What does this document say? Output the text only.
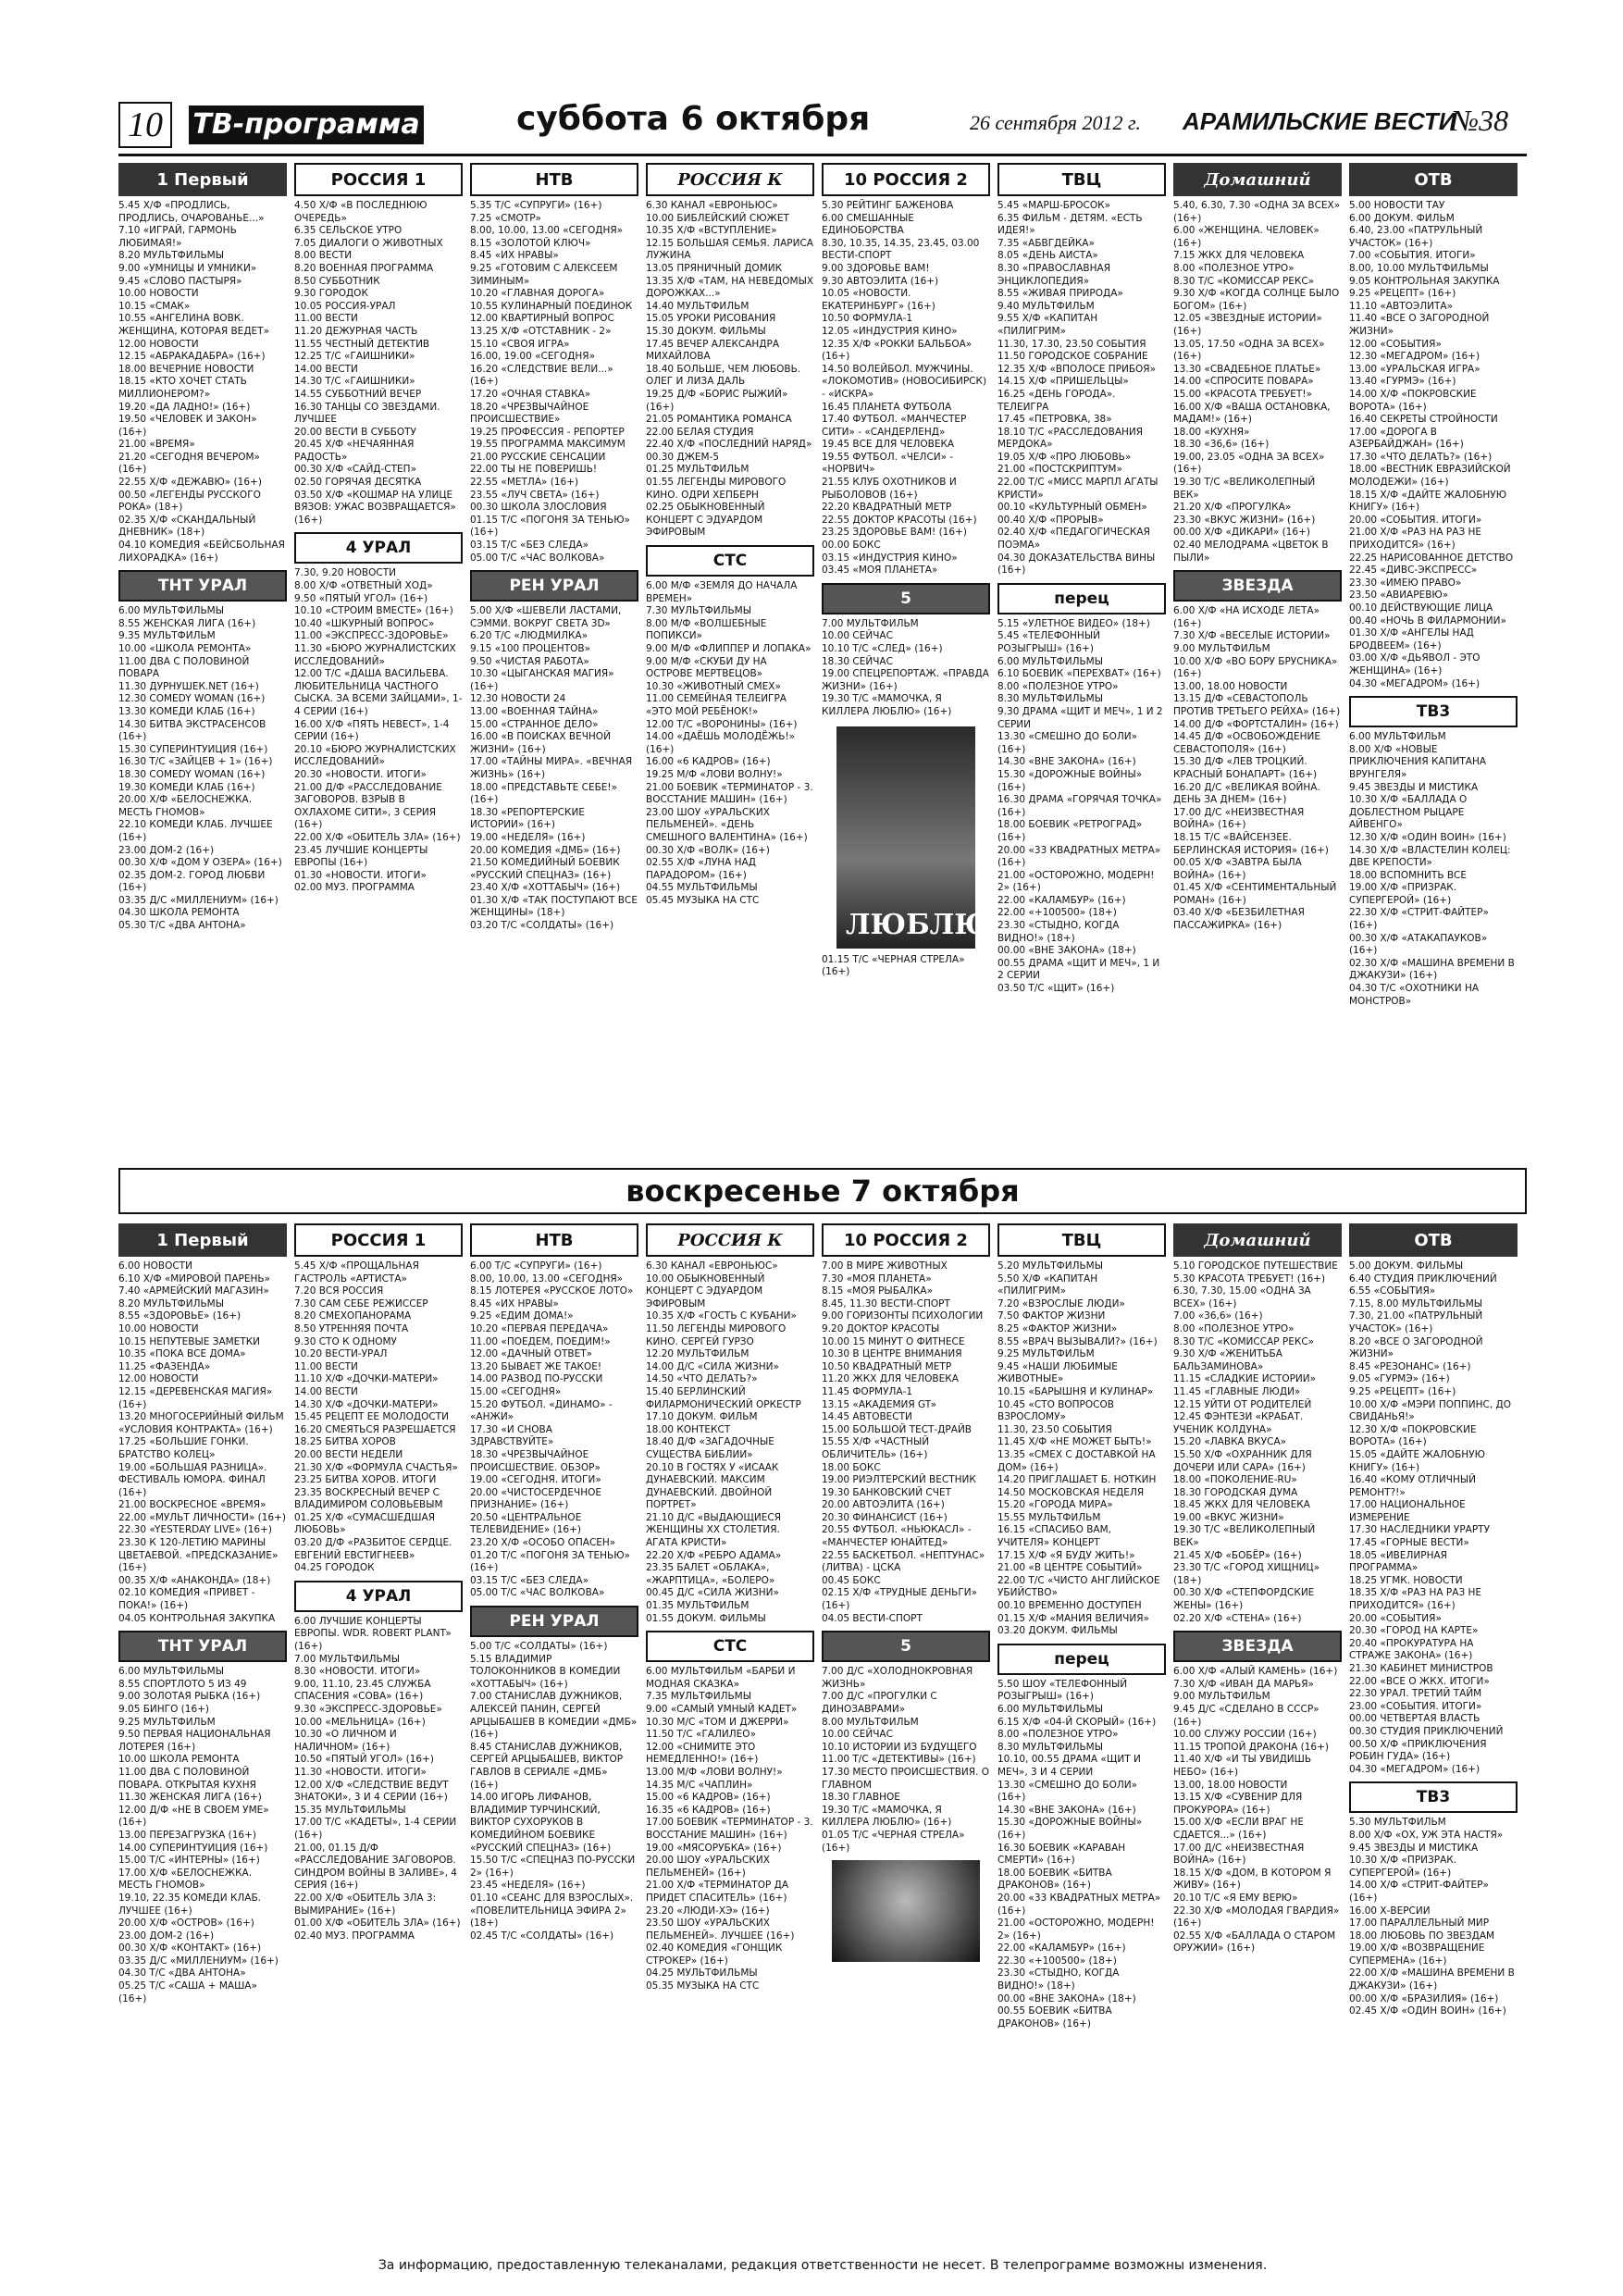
10	ТВ-программа	суббота 6 октября	26 сентября 2012 г. АРАМИЛЬСКИЕ ВЕСТИ
№38
1 Первый
5.45 Х/Ф «ПРОДЛИСЬ, ПРОДЛИСЬ, ОЧАРОВАНЬЕ...»
7.10 «ИГРАЙ, ГАРМОНЬ ЛЮБИМАЯ!»
8.20 МУЛЬТФИЛЬМЫ
9.00 «УМНИЦЫ И УМНИКИ»
9.45 «СЛОВО ПАСТЫРЯ»
10.00 НОВОСТИ
10.15 «СМАК»
10.55 «АНГЕЛИНА ВОВК. ЖЕНЩИНА, КОТОРАЯ ВЕДЕТ»
12.00 НОВОСТИ
12.15 «АБРАКАДАБРА» (16+)
18.00 ВЕЧЕРНИЕ НОВОСТИ
18.15 «КТО ХОЧЕТ СТАТЬ МИЛЛИОНЕРОМ?»
19.20 «ДА ЛАДНО!» (16+)
19.50 «ЧЕЛОВЕК И ЗАКОН» (16+)
21.00 «ВРЕМЯ»
21.20 «СЕГОДНЯ ВЕЧЕРОМ» (16+)
22.55 Х/Ф «ДЕЖАВЮ» (16+)
00.50 «ЛЕГЕНДЫ РУССКОГО РОКА» (18+)
02.35 Х/Ф «СКАНДАЛЬНЫЙ ДНЕВНИК» (18+)
04.10 КОМЕДИЯ «БЕЙСБОЛЬНАЯ ЛИХОРАДКА» (16+)
ТНТ УРАЛ
6.00 МУЛЬТФИЛЬМЫ
8.55 ЖЕНСКАЯ ЛИГА (16+)
9.35 МУЛЬТФИЛЬМ
10.00 «ШКОЛА РЕМОНТА»
11.00 ДВА С ПОЛОВИНОЙ ПОВАРА
11.30 ДУРНУШЕК.NET (16+)
12.30 COMEDY WOMAN (16+)
13.30 КОМЕДИ КЛАБ (16+)
14.30 БИТВА ЭКСТРАСЕНСОВ (16+)
15.30 СУПЕРИНТУИЦИЯ (16+)
16.30 Т/С «ЗАЙЦЕВ + 1» (16+)
18.30 COMEDY WOMAN (16+)
19.30 КОМЕДИ КЛАБ (16+)
20.00 Х/Ф «БЕЛОСНЕЖКА. МЕСТЬ ГНОМОВ»
22.10 КОМЕДИ КЛАБ. ЛУЧШЕЕ (16+)
23.00 ДОМ-2 (16+)
00.30 Х/Ф «ДОМ У ОЗЕРА» (16+)
02.35 ДОМ-2. ГОРОД ЛЮБВИ (16+)
03.35 Д/С «МИЛЛЕНИУМ» (16+)
04.30 ШКОЛА РЕМОНТА
05.30 Т/С «ДВА АНТОНА»
РОССИЯ 1
4.50 Х/Ф «В ПОСЛЕДНЮЮ ОЧЕРЕДЬ»
6.35 СЕЛЬСКОЕ УТРО
7.05 ДИАЛОГИ О ЖИВОТНЫХ
8.00 ВЕСТИ
8.20 ВОЕННАЯ ПРОГРАММА
8.50 СУББОТНИК
9.30 ГОРОДОК
10.05 РОССИЯ-УРАЛ
11.00 ВЕСТИ
11.20 ДЕЖУРНАЯ ЧАСТЬ
11.55 ЧЕСТНЫЙ ДЕТЕКТИВ
12.25 Т/С «ГАИШНИКИ»
14.00 ВЕСТИ
14.30 Т/С «ГАИШНИКИ»
14.55 СУББОТНИЙ ВЕЧЕР
16.30 ТАНЦЫ СО ЗВЕЗДАМИ. ЛУЧШЕЕ
20.00 ВЕСТИ В СУББОТУ
20.45 Х/Ф «НЕЧАЯННАЯ РАДОСТЬ»
00.30 Х/Ф «САЙД-СТЕП»
02.50 ГОРЯЧАЯ ДЕСЯТКА
03.50 Х/Ф «КОШМАР НА УЛИЦЕ ВЯЗОВ: УЖАС ВОЗВРАЩАЕТСЯ» (16+)
4 УРАЛ
7.30, 9.20 НОВОСТИ
8.00 Х/Ф «ОТВЕТНЫЙ ХОД»
9.50 «ПЯТЫЙ УГОЛ» (16+)
10.10 «СТРОИМ ВМЕСТЕ» (16+)
10.40 «ШКУРНЫЙ ВОПРОС»
11.00 «ЭКСПРЕСС-ЗДОРОВЬЕ»
11.30 «БЮРО ЖУРНАЛИСТСКИХ ИССЛЕДОВАНИЙ»
12.00 Т/С «ДАША ВАСИЛЬЕВА. ЛЮБИТЕЛЬНИЦА ЧАСТНОГО СЫСКА. ЗА ВСЕМИ ЗАЙЦАМИ», 1-4 СЕРИИ (16+)
16.00 Х/Ф «ПЯТЬ НЕВЕСТ», 1-4 СЕРИИ (16+)
20.10 «БЮРО ЖУРНАЛИСТСКИХ ИССЛЕДОВАНИЙ»
20.30 «НОВОСТИ. ИТОГИ»
21.00 Д/Ф «РАССЛЕДОВАНИЕ ЗАГОВОРОВ. ВЗРЫВ В ОХЛАХОМЕ СИТИ», 3 СЕРИЯ (16+)
22.00 Х/Ф «ОБИТЕЛЬ ЗЛА» (16+)
23.45 ЛУЧШИЕ КОНЦЕРТЫ ЕВРОПЫ (16+)
01.30 «НОВОСТИ. ИТОГИ»
02.00 МУЗ. ПРОГРАММА
НТВ
5.35 Т/С «СУПРУГИ» (16+)
7.25 «СМОТР»
8.00, 10.00, 13.00 «СЕГОДНЯ»
8.15 «ЗОЛОТОЙ КЛЮЧ»
8.45 «ИХ НРАВЫ»
9.25 «ГОТОВИМ С АЛЕКСЕЕМ ЗИМИНЫМ»
10.20 «ГЛАВНАЯ ДОРОГА»
10.55 КУЛИНАРНЫЙ ПОЕДИНОК
12.00 КВАРТИРНЫЙ ВОПРОС
13.25 Х/Ф «ОТСТАВНИК - 2»
15.10 «СВОЯ ИГРА»
16.00, 19.00 «СЕГОДНЯ»
16.20 «СЛЕДСТВИЕ ВЕЛИ...» (16+)
17.20 «ОЧНАЯ СТАВКА»
18.20 «ЧРЕЗВЫЧАЙНОЕ ПРОИСШЕСТВИЕ»
19.25 ПРОФЕССИЯ - РЕПОРТЕР
19.55 ПРОГРАММА МАКСИМУМ
21.00 РУССКИЕ СЕНСАЦИИ
22.00 ТЫ НЕ ПОВЕРИШЬ!
22.55 «МЕТЛА» (16+)
23.55 «ЛУЧ СВЕТА» (16+)
00.30 ШКОЛА ЗЛОСЛОВИЯ
01.15 Т/С «ПОГОНЯ ЗА ТЕНЬЮ» (16+)
03.15 Т/С «БЕЗ СЛЕДА»
05.00 Т/С «ЧАС ВОЛКОВА»
РЕН УРАЛ
5.00 Х/Ф «ШЕВЕЛИ ЛАСТАМИ, СЭММИ. ВОКРУГ СВЕТА 3D»
6.20 Т/С «ЛЮДМИЛКА»
9.15 «100 ПРОЦЕНТОВ»
9.50 «ЧИСТАЯ РАБОТА»
10.30 «ЦЫГАНСКАЯ МАГИЯ» (16+)
12.30 НОВОСТИ 24
13.00 «ВОЕННАЯ ТАЙНА»
15.00 «СТРАННОЕ ДЕЛО»
16.00 «В ПОИСКАХ ВЕЧНОЙ ЖИЗНИ» (16+)
17.00 «ТАЙНЫ МИРА». «ВЕЧНАЯ ЖИЗНЬ» (16+)
18.00 «ПРЕДСТАВЬТЕ СЕБЕ!» (16+)
18.30 «РЕПОРТЕРСКИЕ ИСТОРИИ» (16+)
19.00 «НЕДЕЛЯ» (16+)
20.00 КОМЕДИЯ «ДМБ» (16+)
21.50 КОМЕДИЙНЫЙ БОЕВИК «РУССКИЙ СПЕЦНАЗ» (16+)
23.40 Х/Ф «ХОТТАБЫЧ» (16+)
01.30 Х/Ф «ТАК ПОСТУПАЮТ ВСЕ ЖЕНЩИНЫ» (18+)
03.20 Т/С «СОЛДАТЫ» (16+)
РОССИЯ К
6.30 КАНАЛ «ЕВРОНЬЮС»
10.00 БИБЛЕЙСКИЙ СЮЖЕТ
10.35 Х/Ф «ВСТУПЛЕНИЕ»
12.15 БОЛЬШАЯ СЕМЬЯ. ЛАРИСА ЛУЖИНА
13.05 ПРЯНИЧНЫЙ ДОМИК
13.35 Х/Ф «ТАМ, НА НЕВЕДОМЫХ ДОРОЖКАХ...»
14.40 МУЛЬТФИЛЬМ
15.05 УРОКИ РИСОВАНИЯ
15.30 ДОКУМ. ФИЛЬМЫ
17.45 ВЕЧЕР АЛЕКСАНДРА МИХАЙЛОВА
18.40 БОЛЬШЕ, ЧЕМ ЛЮБОВЬ. ОЛЕГ И ЛИЗА ДАЛЬ
19.25 Д/Ф «БОРИС РЫЖИЙ» (16+)
21.05 РОМАНТИКА РОМАНСА
22.00 БЕЛАЯ СТУДИЯ
22.40 Х/Ф «ПОСЛЕДНИЙ НАРЯД»
00.30 ДЖЕМ-5
01.25 МУЛЬТФИЛЬМ
01.55 ЛЕГЕНДЫ МИРОВОГО КИНО. ОДРИ ХЕПБЕРН
02.25 ОБЫКНОВЕННЫЙ КОНЦЕРТ С ЭДУАРДОМ ЭФИРОВЫМ
СТС
6.00 М/Ф «ЗЕМЛЯ ДО НАЧАЛА ВРЕМЕН»
7.30 МУЛЬТФИЛЬМЫ
8.00 М/Ф «ВОЛШЕБНЫЕ ПОПИКСИ»
9.00 М/Ф «ФЛИППЕР И ЛОПАКА»
9.00 М/Ф «СКУБИ ДУ НА ОСТРОВЕ МЕРТВЕЦОВ»
10.30 «ЖИВОТНЫЙ СМЕХ»
11.00 СЕМЕЙНАЯ ТЕЛЕИГРА «ЭТО МОЙ РЕБЁНОК!»
12.00 Т/С «ВОРОНИНЫ» (16+)
14.00 «ДАЁШЬ МОЛОДЁЖЬ!» (16+)
16.00 «6 КАДРОВ» (16+)
19.25 М/Ф «ЛОВИ ВОЛНУ!»
21.00 БОЕВИК «ТЕРМИНАТОР - 3. ВОССТАНИЕ МАШИН» (16+)
23.00 ШОУ «УРАЛЬСКИХ ПЕЛЬМЕНЕЙ». «ДЕНЬ СМЕШНОГО ВАЛЕНТИНА» (16+)
00.30 Х/Ф «ВОЛК» (16+)
02.55 Х/Ф «ЛУНА НАД ПАРАДОРОМ» (16+)
04.55 МУЛЬТФИЛЬМЫ
05.45 МУЗЫКА НА СТС
10 РОССИЯ 2
5.30 РЕЙТИНГ БАЖЕНОВА
6.00 СМЕШАННЫЕ ЕДИНОБОРСТВА
8.30, 10.35, 14.35, 23.45, 03.00 ВЕСТИ-СПОРТ
9.00 ЗДОРОВЬЕ ВАМ!
9.30 АВТОЭЛИТА (16+)
10.05 «НОВОСТИ. ЕКАТЕРИНБУРГ» (16+)
10.50 ФОРМУЛА-1
12.05 «ИНДУСТРИЯ КИНО»
12.35 Х/Ф «РОККИ БАЛЬБОА» (16+)
14.50 ВОЛЕЙБОЛ. МУЖЧИНЫ. «ЛОКОМОТИВ» (НОВОСИБИРСК) - «ИСКРА»
16.45 ПЛАНЕТА ФУТБОЛА
17.40 ФУТБОЛ. «МАНЧЕСТЕР СИТИ» - «САНДЕРЛЕНД»
19.45 ВСЕ ДЛЯ ЧЕЛОВЕКА
19.55 ФУТБОЛ. «ЧЕЛСИ» - «НОРВИЧ»
21.55 КЛУБ ОХОТНИКОВ И РЫБОЛОВОВ (16+)
22.20 КВАДРАТНЫЙ МЕТР
22.55 ДОКТОР КРАСОТЫ (16+)
23.25 ЗДОРОВЬЕ ВАМ! (16+)
00.00 БОКС
03.15 «ИНДУСТРИЯ КИНО»
03.45 «МОЯ ПЛАНЕТА»
5
7.00 МУЛЬТФИЛЬМ
10.00 СЕЙЧАС
10.10 Т/С «СЛЕД» (16+)
18.30 СЕЙЧАС
19.00 СПЕЦРЕПОРТАЖ. «ПРАВДА ЖИЗНИ» (16+)
19.30 Т/С «МАМОЧКА, Я КИЛЛЕРА ЛЮБЛЮ» (16+)
ЛЮБЛЮ
01.15 Т/С «ЧЕРНАЯ СТРЕЛА» (16+)
ТВЦ
5.45 «МАРШ-БРОСОК»
6.35 ФИЛЬМ - ДЕТЯМ. «ЕСТЬ ИДЕЯ!»
7.35 «АБВГДЕЙКА»
8.05 «ДЕНЬ АИСТА»
8.30 «ПРАВОСЛАВНАЯ ЭНЦИКЛОПЕДИЯ»
8.55 «ЖИВАЯ ПРИРОДА»
9.40 МУЛЬТФИЛЬМ
9.55 Х/Ф «КАПИТАН «ПИЛИГРИМ»
11.30, 17.30, 23.50 СОБЫТИЯ
11.50 ГОРОДСКОЕ СОБРАНИЕ
12.35 Х/Ф «ВПОЛОСЕ ПРИБОЯ»
14.15 Х/Ф «ПРИШЕЛЬЦЫ»
16.25 «ДЕНЬ ГОРОДА». ТЕЛЕИГРА
17.45 «ПЕТРОВКА, 38»
18.10 Т/С «РАССЛЕДОВАНИЯ МЕРДОКА»
19.05 Х/Ф «ПРО ЛЮБОВЬ»
21.00 «ПОСТСКРИПТУМ»
22.00 Т/С «МИСС МАРПЛ АГАТЫ КРИСТИ»
00.10 «КУЛЬТУРНЫЙ ОБМЕН»
00.40 Х/Ф «ПРОРЫВ»
02.40 Х/Ф «ПЕДАГОГИЧЕСКАЯ ПОЭМА»
04.30 ДОКАЗАТЕЛЬСТВА ВИНЫ (16+)
перец
5.15 «УЛЕТНОЕ ВИДЕО» (18+)
5.45 «ТЕЛЕФОННЫЙ РОЗЫГРЫШ» (16+)
6.00 МУЛЬТФИЛЬМЫ
6.10 БОЕВИК «ПЕРЕХВАТ» (16+)
8.00 «ПОЛЕЗНОЕ УТРО»
8.30 МУЛЬТФИЛЬМЫ
9.30 ДРАМА «ЩИТ И МЕЧ», 1 И 2 СЕРИИ
13.30 «СМЕШНО ДО БОЛИ» (16+)
14.30 «ВНЕ ЗАКОНА» (16+)
15.30 «ДОРОЖНЫЕ ВОЙНЫ» (16+)
16.30 ДРАМА «ГОРЯЧАЯ ТОЧКА» (16+)
18.00 БОЕВИК «РЕТРОГРАД» (16+)
20.00 «33 КВАДРАТНЫХ МЕТРА» (16+)
21.00 «ОСТОРОЖНО, МОДЕРН! 2» (16+)
22.00 «КАЛАМБУР» (16+)
22.00 «+100500» (18+)
23.30 «СТЫДНО, КОГДА ВИДНО!» (18+)
00.00 «ВНЕ ЗАКОНА» (18+)
00.55 ДРАМА «ЩИТ И МЕЧ», 1 И 2 СЕРИИ
03.50 Т/С «ЩИТ» (16+)
Домашний
5.40, 6.30, 7.30 «ОДНА ЗА ВСЕХ» (16+)
6.00 «ЖЕНЩИНА. ЧЕЛОВЕК» (16+)
7.15 ЖКХ ДЛЯ ЧЕЛОВЕКА
8.00 «ПОЛЕЗНОЕ УТРО»
8.30 Т/С «КОМИССАР РЕКС»
9.30 Х/Ф «КОГДА СОЛНЦЕ БЫЛО БОГОМ» (16+)
12.05 «ЗВЕЗДНЫЕ ИСТОРИИ» (16+)
13.05, 17.50 «ОДНА ЗА ВСЕХ» (16+)
13.30 «СВАДЕБНОЕ ПЛАТЬЕ»
14.00 «СПРОСИТЕ ПОВАРА»
15.00 «КРАСОТА ТРЕБУЕТ!»
16.00 Х/Ф «ВАША ОСТАНОВКА, МАДАМ!» (16+)
18.00 «КУХНЯ»
18.30 «36,6» (16+)
19.00, 23.05 «ОДНА ЗА ВСЕХ» (16+)
19.30 Т/С «ВЕЛИКОЛЕПНЫЙ ВЕК»
21.20 Х/Ф «ПРОГУЛКА»
23.30 «ВКУС ЖИЗНИ» (16+)
00.00 Х/Ф «ДИКАРИ» (16+)
02.40 МЕЛОДРАМА «ЦВЕТОК В ПЫЛИ»
ЗВЕЗДА
6.00 Х/Ф «НА ИСХОДЕ ЛЕТА» (16+)
7.30 Х/Ф «ВЕСЕЛЫЕ ИСТОРИИ»
9.00 МУЛЬТФИЛЬМ
10.00 Х/Ф «ВО БОРУ БРУСНИКА» (16+)
13.00, 18.00 НОВОСТИ
13.15 Д/Ф «СЕВАСТОПОЛЬ ПРОТИВ ТРЕТЬЕГО РЕЙХА» (16+)
14.00 Д/Ф «ФОРТСТАЛИН» (16+)
14.45 Д/Ф «ОСВОБОЖДЕНИЕ СЕВАСТОПОЛЯ» (16+)
15.30 Д/Ф «ЛЕВ ТРОЦКИЙ. КРАСНЫЙ БОНАПАРТ» (16+)
16.20 Д/С «ВЕЛИКАЯ ВОЙНА. ДЕНЬ ЗА ДНЕМ» (16+)
17.00 Д/С «НЕИЗВЕСТНАЯ ВОЙНА» (16+)
18.15 Т/С «ВАЙСЕНЗЕЕ. БЕРЛИНСКАЯ ИСТОРИЯ» (16+)
00.05 Х/Ф «ЗАВТРА БЫЛА ВОЙНА» (16+)
01.45 Х/Ф «СЕНТИМЕНТАЛЬНЫЙ РОМАН» (16+)
03.40 Х/Ф «БЕЗБИЛЕТНАЯ ПАССАЖИРКА» (16+)
ОТВ
5.00 НОВОСТИ ТАУ
6.00 ДОКУМ. ФИЛЬМ
6.40, 23.00 «ПАТРУЛЬНЫЙ УЧАСТОК» (16+)
7.00 «СОБЫТИЯ. ИТОГИ»
8.00, 10.00 МУЛЬТФИЛЬМЫ
9.05 КОНТРОЛЬНАЯ ЗАКУПКА
9.25 «РЕЦЕПТ» (16+)
11.10 «АВТОЭЛИТА»
11.40 «ВСЕ О ЗАГОРОДНОЙ ЖИЗНИ»
12.00 «СОБЫТИЯ»
12.30 «МЕГАДРОМ» (16+)
13.00 «УРАЛЬСКАЯ ИГРА»
13.40 «ГУРМЭ» (16+)
14.00 Х/Ф «ПОКРОВСКИЕ ВОРОТА» (16+)
16.40 СЕКРЕТЫ СТРОЙНОСТИ
17.00 «ДОРОГА В АЗЕРБАЙДЖАН» (16+)
17.30 «ЧТО ДЕЛАТЬ?» (16+)
18.00 «ВЕСТНИК ЕВРАЗИЙСКОЙ МОЛОДЕЖИ» (16+)
18.15 Х/Ф «ДАЙТЕ ЖАЛОБНУЮ КНИГУ» (16+)
20.00 «СОБЫТИЯ. ИТОГИ»
21.00 Х/Ф «РАЗ НА РАЗ НЕ ПРИХОДИТСЯ» (16+)
22.25 НАРИСОВАННОЕ ДЕТСТВО
22.45 «ДИВС-ЭКСПРЕСС»
23.30 «ИМЕЮ ПРАВО»
23.50 «АВИАРЕВЮ»
00.10 ДЕЙСТВУЮЩИЕ ЛИЦА
00.40 «НОЧЬ В ФИЛАРМОНИИ»
01.30 Х/Ф «АНГЕЛЫ НАД БРОДВЕЕМ» (16+)
03.00 Х/Ф «ДЬЯВОЛ - ЭТО ЖЕНЩИНА» (16+)
04.30 «МЕГАДРОМ» (16+)
ТВ3
6.00 МУЛЬТФИЛЬМ
8.00 Х/Ф «НОВЫЕ ПРИКЛЮЧЕНИЯ КАПИТАНА ВРУНГЕЛЯ»
9.45 ЗВЕЗДЫ И МИСТИКА
10.30 Х/Ф «БАЛЛАДА О ДОБЛЕСТНОМ РЫЦАРЕ АЙВЕНГО»
12.30 Х/Ф «ОДИН ВОИН» (16+)
14.30 Х/Ф «ВЛАСТЕЛИН КОЛЕЦ: ДВЕ КРЕПОСТИ»
18.00 ВСПОМНИТЬ ВСЕ
19.00 Х/Ф «ПРИЗРАК. СУПЕРГЕРОЙ» (16+)
22.30 Х/Ф «СТРИТ-ФАЙТЕР» (16+)
00.30 Х/Ф «АТАКАПАУКОВ» (16+)
02.30 Х/Ф «МАШИНА ВРЕМЕНИ В ДЖАКУЗИ» (16+)
04.30 Т/С «ОХОТНИКИ НА МОНСТРОВ»
воскресенье 7 октября
1 Первый
6.00 НОВОСТИ
6.10 Х/Ф «МИРОВОЙ ПАРЕНЬ»
7.40 «АРМЕЙСКИЙ МАГАЗИН»
8.20 МУЛЬТФИЛЬМЫ
8.55 «ЗДОРОВЬЕ» (16+)
10.00 НОВОСТИ
10.15 НЕПУТЕВЫЕ ЗАМЕТКИ
10.35 «ПОКА ВСЕ ДОМА»
11.25 «ФАЗЕНДА»
12.00 НОВОСТИ
12.15 «ДЕРЕВЕНСКАЯ МАГИЯ» (16+)
13.20 МНОГОСЕРИЙНЫЙ ФИЛЬМ «УСЛОВИЯ КОНТРАКТА» (16+)
17.25 «БОЛЬШИЕ ГОНКИ. БРАТСТВО КОЛЕЦ»
19.00 «БОЛЬШАЯ РАЗНИЦА». ФЕСТИВАЛЬ ЮМОРА. ФИНАЛ (16+)
21.00 ВОСКРЕСНОЕ «ВРЕМЯ»
22.00 «МУЛЬТ ЛИЧНОСТИ» (16+)
22.30 «YESTERDAY LIVE» (16+)
23.30 К 120-ЛЕТИЮ МАРИНЫ ЦВЕТАЕВОЙ. «ПРЕДСКАЗАНИЕ» (16+)
00.35 Х/Ф «АНАКОНДА» (18+)
02.10 КОМЕДИЯ «ПРИВЕТ - ПОКА!» (16+)
04.05 КОНТРОЛЬНАЯ ЗАКУПКА
ТНТ УРАЛ
6.00 МУЛЬТФИЛЬМЫ
8.55 СПОРТЛОТО 5 ИЗ 49
9.00 ЗОЛОТАЯ РЫБКА (16+)
9.05 БИНГО (16+)
9.25 МУЛЬТФИЛЬМ
9.50 ПЕРВАЯ НАЦИОНАЛЬНАЯ ЛОТЕРЕЯ (16+)
10.00 ШКОЛА РЕМОНТА
11.00 ДВА С ПОЛОВИНОЙ ПОВАРА. ОТКРЫТАЯ КУХНЯ
11.30 ЖЕНСКАЯ ЛИГА (16+)
12.00 Д/Ф «НЕ В СВОЕМ УМЕ» (16+)
13.00 ПЕРЕЗАГРУЗКА (16+)
14.00 СУПЕРИНТУИЦИЯ (16+)
15.00 Т/С «ИНТЕРНЫ» (16+)
17.00 Х/Ф «БЕЛОСНЕЖКА. МЕСТЬ ГНОМОВ»
19.10, 22.35 КОМЕДИ КЛАБ. ЛУЧШЕЕ (16+)
20.00 Х/Ф «ОСТРОВ» (16+)
23.00 ДОМ-2 (16+)
00.30 Х/Ф «КОНТАКТ» (16+)
03.35 Д/С «МИЛЛЕНИУМ» (16+)
04.30 Т/С «ДВА АНТОНА»
05.25 Т/С «САША + МАША» (16+)
РОССИЯ 1
5.45 Х/Ф «ПРОЩАЛЬНАЯ ГАСТРОЛЬ «АРТИСТА»
7.20 ВСЯ РОССИЯ
7.30 САМ СЕБЕ РЕЖИССЕР
8.20 СМЕХОПАНОРАМА
8.50 УТРЕННЯЯ ПОЧТА
9.30 СТО К ОДНОМУ
10.20 ВЕСТИ-УРАЛ
11.00 ВЕСТИ
11.10 Х/Ф «ДОЧКИ-МАТЕРИ»
14.00 ВЕСТИ
14.30 Х/Ф «ДОЧКИ-МАТЕРИ»
15.45 РЕЦЕПТ ЕЕ МОЛОДОСТИ
16.20 СМЕЯТЬСЯ РАЗРЕШАЕТСЯ
18.25 БИТВА ХОРОВ
20.00 ВЕСТИ НЕДЕЛИ
21.30 Х/Ф «ФОРМУЛА СЧАСТЬЯ»
23.25 БИТВА ХОРОВ. ИТОГИ
23.35 ВОСКРЕСНЫЙ ВЕЧЕР С ВЛАДИМИРОМ СОЛОВЬЕВЫМ
01.25 Х/Ф «СУМАСШЕДШАЯ ЛЮБОВЬ»
03.20 Д/Ф «РАЗБИТОЕ СЕРДЦЕ. ЕВГЕНИЙ ЕВСТИГНЕЕВ»
04.25 ГОРОДОК
4 УРАЛ
6.00 ЛУЧШИЕ КОНЦЕРТЫ ЕВРОПЫ. WDR. ROBERT PLANT» (16+)
7.00 МУЛЬТФИЛЬМЫ
8.30 «НОВОСТИ. ИТОГИ»
9.00, 11.10, 23.45 СЛУЖБА СПАСЕНИЯ «СОВА» (16+)
9.30 «ЭКСПРЕСС-ЗДОРОВЬЕ»
10.00 «МЕЛЬНИЦА» (16+)
10.30 «О ЛИЧНОМ И НАЛИЧНОМ» (16+)
10.50 «ПЯТЫЙ УГОЛ» (16+)
11.30 «НОВОСТИ. ИТОГИ»
12.00 Х/Ф «СЛЕДСТВИЕ ВЕДУТ ЗНАТОКИ», 3 И 4 СЕРИИ (16+)
15.35 МУЛЬТФИЛЬМЫ
17.00 Т/С «КАДЕТЫ», 1-4 СЕРИИ (16+)
21.00, 01.15 Д/Ф «РАССЛЕДОВАНИЕ ЗАГОВОРОВ. СИНДРОМ ВОЙНЫ В ЗАЛИВЕ», 4 СЕРИЯ (16+)
22.00 Х/Ф «ОБИТЕЛЬ ЗЛА 3: ВЫМИРАНИЕ» (16+)
01.00 Х/Ф «ОБИТЕЛЬ ЗЛА» (16+)
02.40 МУЗ. ПРОГРАММА
НТВ
6.00 Т/С «СУПРУГИ» (16+)
8.00, 10.00, 13.00 «СЕГОДНЯ»
8.15 ЛОТЕРЕЯ «РУССКОЕ ЛОТО»
8.45 «ИХ НРАВЫ»
9.25 «ЕДИМ ДОМА!»
10.20 «ПЕРВАЯ ПЕРЕДАЧА»
11.00 «ПОЕДЕМ, ПОЕДИМ!»
12.00 «ДАЧНЫЙ ОТВЕТ»
13.20 БЫВАЕТ ЖЕ ТАКОЕ!
14.00 РАЗВОД ПО-РУССКИ
15.00 «СЕГОДНЯ»
15.20 ФУТБОЛ. «ДИНАМО» - «АНЖИ»
17.30 «И СНОВА ЗДРАВСТВУЙТЕ»
18.30 «ЧРЕЗВЫЧАЙНОЕ ПРОИСШЕСТВИЕ. ОБЗОР»
19.00 «СЕГОДНЯ. ИТОГИ»
20.00 «ЧИСТОСЕРДЕЧНОЕ ПРИЗНАНИЕ» (16+)
20.50 «ЦЕНТРАЛЬНОЕ ТЕЛЕВИДЕНИЕ» (16+)
23.20 Х/Ф «ОСОБО ОПАСЕН»
01.20 Т/С «ПОГОНЯ ЗА ТЕНЬЮ» (16+)
03.15 Т/С «БЕЗ СЛЕДА»
05.00 Т/С «ЧАС ВОЛКОВА»
РЕН УРАЛ
5.00 Т/С «СОЛДАТЫ» (16+)
5.15 ВЛАДИМИР ТОЛОКОННИКОВ В КОМЕДИИ «ХОТТАБЫЧ» (16+)
7.00 СТАНИСЛАВ ДУЖНИКОВ, АЛЕКСЕЙ ПАНИН, СЕРГЕЙ АРЦЫБАШЕВ В КОМЕДИИ «ДМБ» (16+)
8.45 СТАНИСЛАВ ДУЖНИКОВ, СЕРГЕЙ АРЦЫБАШЕВ, ВИКТОР ГАВЛОВ В СЕРИАЛЕ «ДМБ» (16+)
14.00 ИГОРЬ ЛИФАНОВ, ВЛАДИМИР ТУРЧИНСКИЙ, ВИКТОР СУХОРУКОВ В КОМЕДИЙНОМ БОЕВИКЕ «РУССКИЙ СПЕЦНАЗ» (16+)
15.50 Т/С «СПЕЦНАЗ ПО-РУССКИ 2» (16+)
23.45 «НЕДЕЛЯ» (16+)
01.10 «СЕАНС ДЛЯ ВЗРОСЛЫХ». «ПОВЕЛИТЕЛЬНИЦА ЭФИРА 2» (18+)
02.45 Т/С «СОЛДАТЫ» (16+)
РОССИЯ К
6.30 КАНАЛ «ЕВРОНЬЮС»
10.00 ОБЫКНОВЕННЫЙ КОНЦЕРТ С ЭДУАРДОМ ЭФИРОВЫМ
10.35 Х/Ф «ГОСТЬ С КУБАНИ»
11.50 ЛЕГЕНДЫ МИРОВОГО КИНО. СЕРГЕЙ ГУРЗО
12.20 МУЛЬТФИЛЬМ
14.00 Д/С «СИЛА ЖИЗНИ»
14.50 «ЧТО ДЕЛАТЬ?»
15.40 БЕРЛИНСКИЙ ФИЛАРМОНИЧЕСКИЙ ОРКЕСТР
17.10 ДОКУМ. ФИЛЬМ
18.00 КОНТЕКСТ
18.40 Д/Ф «ЗАГАДОЧНЫЕ СУЩЕСТВА БИБЛИИ»
20.10 В ГОСТЯХ У «ИСААК ДУНАЕВСКИЙ. МАКСИМ ДУНАЕВСКИЙ. ДВОЙНОЙ ПОРТРЕТ»
21.10 Д/С «ВЫДАЮЩИЕСЯ ЖЕНЩИНЫ XX СТОЛЕТИЯ. АГАТА КРИСТИ»
22.20 Х/Ф «РЕБРО АДАМА»
23.35 БАЛЕТ «ОБЛАКА», «ЖАРПТИЦА», «БОЛЕРО»
00.45 Д/С «СИЛА ЖИЗНИ»
01.35 МУЛЬТФИЛЬМ
01.55 ДОКУМ. ФИЛЬМЫ
СТС
6.00 МУЛЬТФИЛЬМ «БАРБИ И МОДНАЯ СКАЗКА»
7.35 МУЛЬТФИЛЬМЫ
9.00 «САМЫЙ УМНЫЙ КАДЕТ»
10.30 М/С «ТОМ И ДЖЕРРИ»
11.50 Т/С «ГАЛИЛЕО»
12.00 «СНИМИТЕ ЭТО НЕМЕДЛЕННО!» (16+)
13.00 М/Ф «ЛОВИ ВОЛНУ!»
14.35 М/С «ЧАПЛИН»
15.00 «6 КАДРОВ» (16+)
16.35 «6 КАДРОВ» (16+)
17.00 БОЕВИК «ТЕРМИНАТОР - 3. ВОССТАНИЕ МАШИН» (16+)
19.00 «МЯСОРУБКА» (16+)
20.00 ШОУ «УРАЛЬСКИХ ПЕЛЬМЕНЕЙ» (16+)
21.00 Х/Ф «ТЕРМИНАТОР ДА ПРИДЕТ СПАСИТЕЛЬ» (16+)
23.20 «ЛЮДИ-ХЭ» (16+)
23.50 ШОУ «УРАЛЬСКИХ ПЕЛЬМЕНЕЙ». ЛУЧШЕЕ (16+)
02.40 КОМЕДИЯ «ГОНЩИК СТРОКЕР» (16+)
04.25 МУЛЬТФИЛЬМЫ
05.35 МУЗЫКА НА СТС
10 РОССИЯ 2
7.00 В МИРЕ ЖИВОТНЫХ
7.30 «МОЯ ПЛАНЕТА»
8.15 «МОЯ РЫБАЛКА»
8.45, 11.30 ВЕСТИ-СПОРТ
9.00 ГОРИЗОНТЫ ПСИХОЛОГИИ
9.20 ДОКТОР КРАСОТЫ
10.00 15 МИНУТ О ФИТНЕСЕ
10.30 В ЦЕНТРЕ ВНИМАНИЯ
10.50 КВАДРАТНЫЙ МЕТР
11.20 ЖКХ ДЛЯ ЧЕЛОВЕКА
11.45 ФОРМУЛА-1
13.15 «АКАДЕМИЯ GT»
14.45 АВТОВЕСТИ
15.00 БОЛЬШОЙ ТЕСТ-ДРАЙВ
15.55 Х/Ф «ЧАСТНЫЙ ОБЛИЧИТЕЛЬ» (16+)
18.00 БОКС
19.00 РИЭЛТЕРСКИЙ ВЕСТНИК
19.30 БАНКОВСКИЙ СЧЕТ
20.00 АВТОЭЛИТА (16+)
20.30 ФИНАНСИСТ (16+)
20.55 ФУТБОЛ. «НЬЮКАСЛ» - «МАНЧЕСТЕР ЮНАЙТЕД»
22.55 БАСКЕТБОЛ. «НЕПТУНАС» (ЛИТВА) - ЦСКА
00.45 БОКС
02.15 Х/Ф «ТРУДНЫЕ ДЕНЬГИ» (16+)
04.05 ВЕСТИ-СПОРТ
5
7.00 Д/С «ХОЛОДНОКРОВНАЯ ЖИЗНЬ»
7.00 Д/С «ПРОГУЛКИ С ДИНОЗАВРАМИ»
8.00 МУЛЬТФИЛЬМ
10.00 СЕЙЧАС
10.10 ИСТОРИИ ИЗ БУДУЩЕГО
11.00 Т/С «ДЕТЕКТИВЫ» (16+)
17.30 МЕСТО ПРОИСШЕСТВИЯ. О ГЛАВНОМ
18.30 ГЛАВНОЕ
19.30 Т/С «МАМОЧКА, Я КИЛЛЕРА ЛЮБЛЮ» (16+)
01.05 Т/С «ЧЕРНАЯ СТРЕЛА» (16+)
ТВЦ
5.20 МУЛЬТФИЛЬМЫ
5.50 Х/Ф «КАПИТАН «ПИЛИГРИМ»
7.20 «ВЗРОСЛЫЕ ЛЮДИ»
7.50 ФАКТОР ЖИЗНИ
8.25 «ФАКТОР ЖИЗНИ»
8.55 «ВРАЧ ВЫЗЫВАЛИ?» (16+)
9.25 МУЛЬТФИЛЬМ
9.45 «НАШИ ЛЮБИМЫЕ ЖИВОТНЫЕ»
10.15 «БАРЫШНЯ И КУЛИНАР»
10.45 «СТО ВОПРОСОВ ВЗРОСЛОМУ»
11.30, 23.50 СОБЫТИЯ
11.45 Х/Ф «НЕ МОЖЕТ БЫТЬ!»
13.35 «СМЕХ С ДОСТАВКОЙ НА ДОМ» (16+)
14.20 ПРИГЛАШАЕТ Б. НОТКИН
14.50 МОСКОВСКАЯ НЕДЕЛЯ
15.20 «ГОРОДА МИРА»
15.55 МУЛЬТФИЛЬМ
16.15 «СПАСИБО ВАМ, УЧИТЕЛЯ» КОНЦЕРТ
17.15 Х/Ф «Я БУДУ ЖИТЬ!»
21.00 «В ЦЕНТРЕ СОБЫТИЙ»
22.00 Т/С «ЧИСТО АНГЛИЙСКОЕ УБИЙСТВО»
00.10 ВРЕМЕННО ДОСТУПЕН
01.15 Х/Ф «МАНИЯ ВЕЛИЧИЯ»
03.20 ДОКУМ. ФИЛЬМЫ
перец
5.50 ШОУ «ТЕЛЕФОННЫЙ РОЗЫГРЫШ» (16+)
6.00 МУЛЬТФИЛЬМЫ
6.15 Х/Ф «04-Й СКОРЫЙ» (16+)
8.00 «ПОЛЕЗНОЕ УТРО»
8.30 МУЛЬТФИЛЬМЫ
10.10, 00.55 ДРАМА «ЩИТ И МЕЧ», 3 И 4 СЕРИИ
13.30 «СМЕШНО ДО БОЛИ» (16+)
14.30 «ВНЕ ЗАКОНА» (16+)
15.30 «ДОРОЖНЫЕ ВОЙНЫ» (16+)
16.30 БОЕВИК «КАРАВАН СМЕРТИ» (16+)
18.00 БОЕВИК «БИТВА ДРАКОНОВ» (16+)
20.00 «33 КВАДРАТНЫХ МЕТРА» (16+)
21.00 «ОСТОРОЖНО, МОДЕРН! 2» (16+)
22.00 «КАЛАМБУР» (16+)
22.30 «+100500» (18+)
23.30 «СТЫДНО, КОГДА ВИДНО!» (18+)
00.00 «ВНЕ ЗАКОНА» (18+)
00.55 БОЕВИК «БИТВА ДРАКОНОВ» (16+)
Домашний
5.10 ГОРОДСКОЕ ПУТЕШЕСТВИЕ
5.30 КРАСОТА ТРЕБУЕТ! (16+)
6.30, 7.30, 15.00 «ОДНА ЗА ВСЕХ» (16+)
7.00 «36,6» (16+)
8.00 «ПОЛЕЗНОЕ УТРО»
8.30 Т/С «КОМИССАР РЕКС»
9.30 Х/Ф «ЖЕНИТЬБА БАЛЬЗАМИНОВА»
11.15 «СЛАДКИЕ ИСТОРИИ»
11.45 «ГЛАВНЫЕ ЛЮДИ»
12.15 УЙТИ ОТ РОДИТЕЛЕЙ
12.45 ФЭНТЕЗИ «КРАБАТ. УЧЕНИК КОЛДУНА»
15.20 «ЛАВКА ВКУСА»
15.50 Х/Ф «ОХРАННИК ДЛЯ ДОЧЕРИ ИЛИ САРА» (16+)
18.00 «ПОКОЛЕНИЕ-RU»
18.30 ГОРОДСКАЯ ДУМА
18.45 ЖКХ ДЛЯ ЧЕЛОВЕКА
19.00 «ВКУС ЖИЗНИ»
19.30 Т/С «ВЕЛИКОЛЕПНЫЙ ВЕК»
21.45 Х/Ф «БОБЁР» (16+)
23.30 Т/С «ГОРОД ХИЩНИЦ» (18+)
00.30 Х/Ф «СТЕПФОРДСКИЕ ЖЕНЫ» (16+)
02.20 Х/Ф «СТЕНА» (16+)
ЗВЕЗДА
6.00 Х/Ф «АЛЫЙ КАМЕНЬ» (16+)
7.30 Х/Ф «ИВАН ДА МАРЬЯ»
9.00 МУЛЬТФИЛЬМ
9.45 Д/С «СДЕЛАНО В СССР» (16+)
10.00 СЛУЖУ РОССИИ (16+)
11.15 ТРОПОЙ ДРАКОНА (16+)
11.40 Х/Ф «И ТЫ УВИДИШЬ НЕБО» (16+)
13.00, 18.00 НОВОСТИ
13.15 Х/Ф «СУВЕНИР ДЛЯ ПРОКУРОРА» (16+)
15.00 Х/Ф «ЕСЛИ ВРАГ НЕ СДАЕТСЯ...» (16+)
17.00 Д/С «НЕИЗВЕСТНАЯ ВОЙНА» (16+)
18.15 Х/Ф «ДОМ, В КОТОРОМ Я ЖИВУ» (16+)
20.10 Т/С «Я ЕМУ ВЕРЮ»
22.30 Х/Ф «МОЛОДАЯ ГВАРДИЯ» (16+)
02.55 Х/Ф «БАЛЛАДА О СТАРОМ ОРУЖИИ» (16+)
ОТВ
5.00 ДОКУМ. ФИЛЬМЫ
6.40 СТУДИЯ ПРИКЛЮЧЕНИЙ
6.55 «СОБЫТИЯ»
7.15, 8.00 МУЛЬТФИЛЬМЫ
7.30, 21.00 «ПАТРУЛЬНЫЙ УЧАСТОК» (16+)
8.20 «ВСЕ О ЗАГОРОДНОЙ ЖИЗНИ»
8.45 «РЕЗОНАНС» (16+)
9.05 «ГУРМЭ» (16+)
9.25 «РЕЦЕПТ» (16+)
10.00 Х/Ф «МЭРИ ПОППИНС, ДО СВИДАНЬЯ!»
12.30 Х/Ф «ПОКРОВСКИЕ ВОРОТА» (16+)
15.05 «ДАЙТЕ ЖАЛОБНУЮ КНИГУ» (16+)
16.40 «КОМУ ОТЛИЧНЫЙ РЕМОНТ?!»
17.00 НАЦИОНАЛЬНОЕ ИЗМЕРЕНИЕ
17.30 НАСЛЕДНИКИ УРАРТУ
17.45 «ГОРНЫЕ ВЕСТИ»
18.05 «ИВЕЛИРНАЯ ПРОГРАММА»
18.25 УГМК. НОВОСТИ
18.35 Х/Ф «РАЗ НА РАЗ НЕ ПРИХОДИТСЯ» (16+)
20.00 «СОБЫТИЯ»
20.30 «ГОРОД НА КАРТЕ»
20.40 «ПРОКУРАТУРА НА СТРАЖЕ ЗАКОНА» (16+)
21.30 КАБИНЕТ МИНИСТРОВ
22.00 «ВСЕ О ЖКХ. ИТОГИ»
22.30 УРАЛ. ТРЕТИЙ ТАЙМ
23.00 «СОБЫТИЯ. ИТОГИ»
00.00 ЧЕТВЕРТАЯ ВЛАСТЬ
00.30 СТУДИЯ ПРИКЛЮЧЕНИЙ
00.50 Х/Ф «ПРИКЛЮЧЕНИЯ РОБИН ГУДА» (16+)
04.30 «МЕГАДРОМ» (16+)
ТВ3
5.30 МУЛЬТФИЛЬМ
8.00 Х/Ф «ОХ, УЖ ЭТА НАСТЯ»
9.45 ЗВЕЗДЫ И МИСТИКА
10.30 Х/Ф «ПРИЗРАК. СУПЕРГЕРОЙ» (16+)
14.00 Х/Ф «СТРИТ-ФАЙТЕР» (16+)
16.00 Х-ВЕРСИИ
17.00 ПАРАЛЛЕЛЬНЫЙ МИР
18.00 ЛЮБОВЬ ПО ЗВЕЗДАМ
19.00 Х/Ф «ВОЗВРАЩЕНИЕ СУПЕРМЕНА» (16+)
22.00 Х/Ф «МАШИНА ВРЕМЕНИ В ДЖАКУЗИ» (16+)
00.00 Х/Ф «БРАЗИЛИЯ» (16+)
02.45 Х/Ф «ОДИН ВОИН» (16+)
За информацию, предоставленную телеканалами, редакция ответственности не несет. В телепрограмме возможны изменения.
